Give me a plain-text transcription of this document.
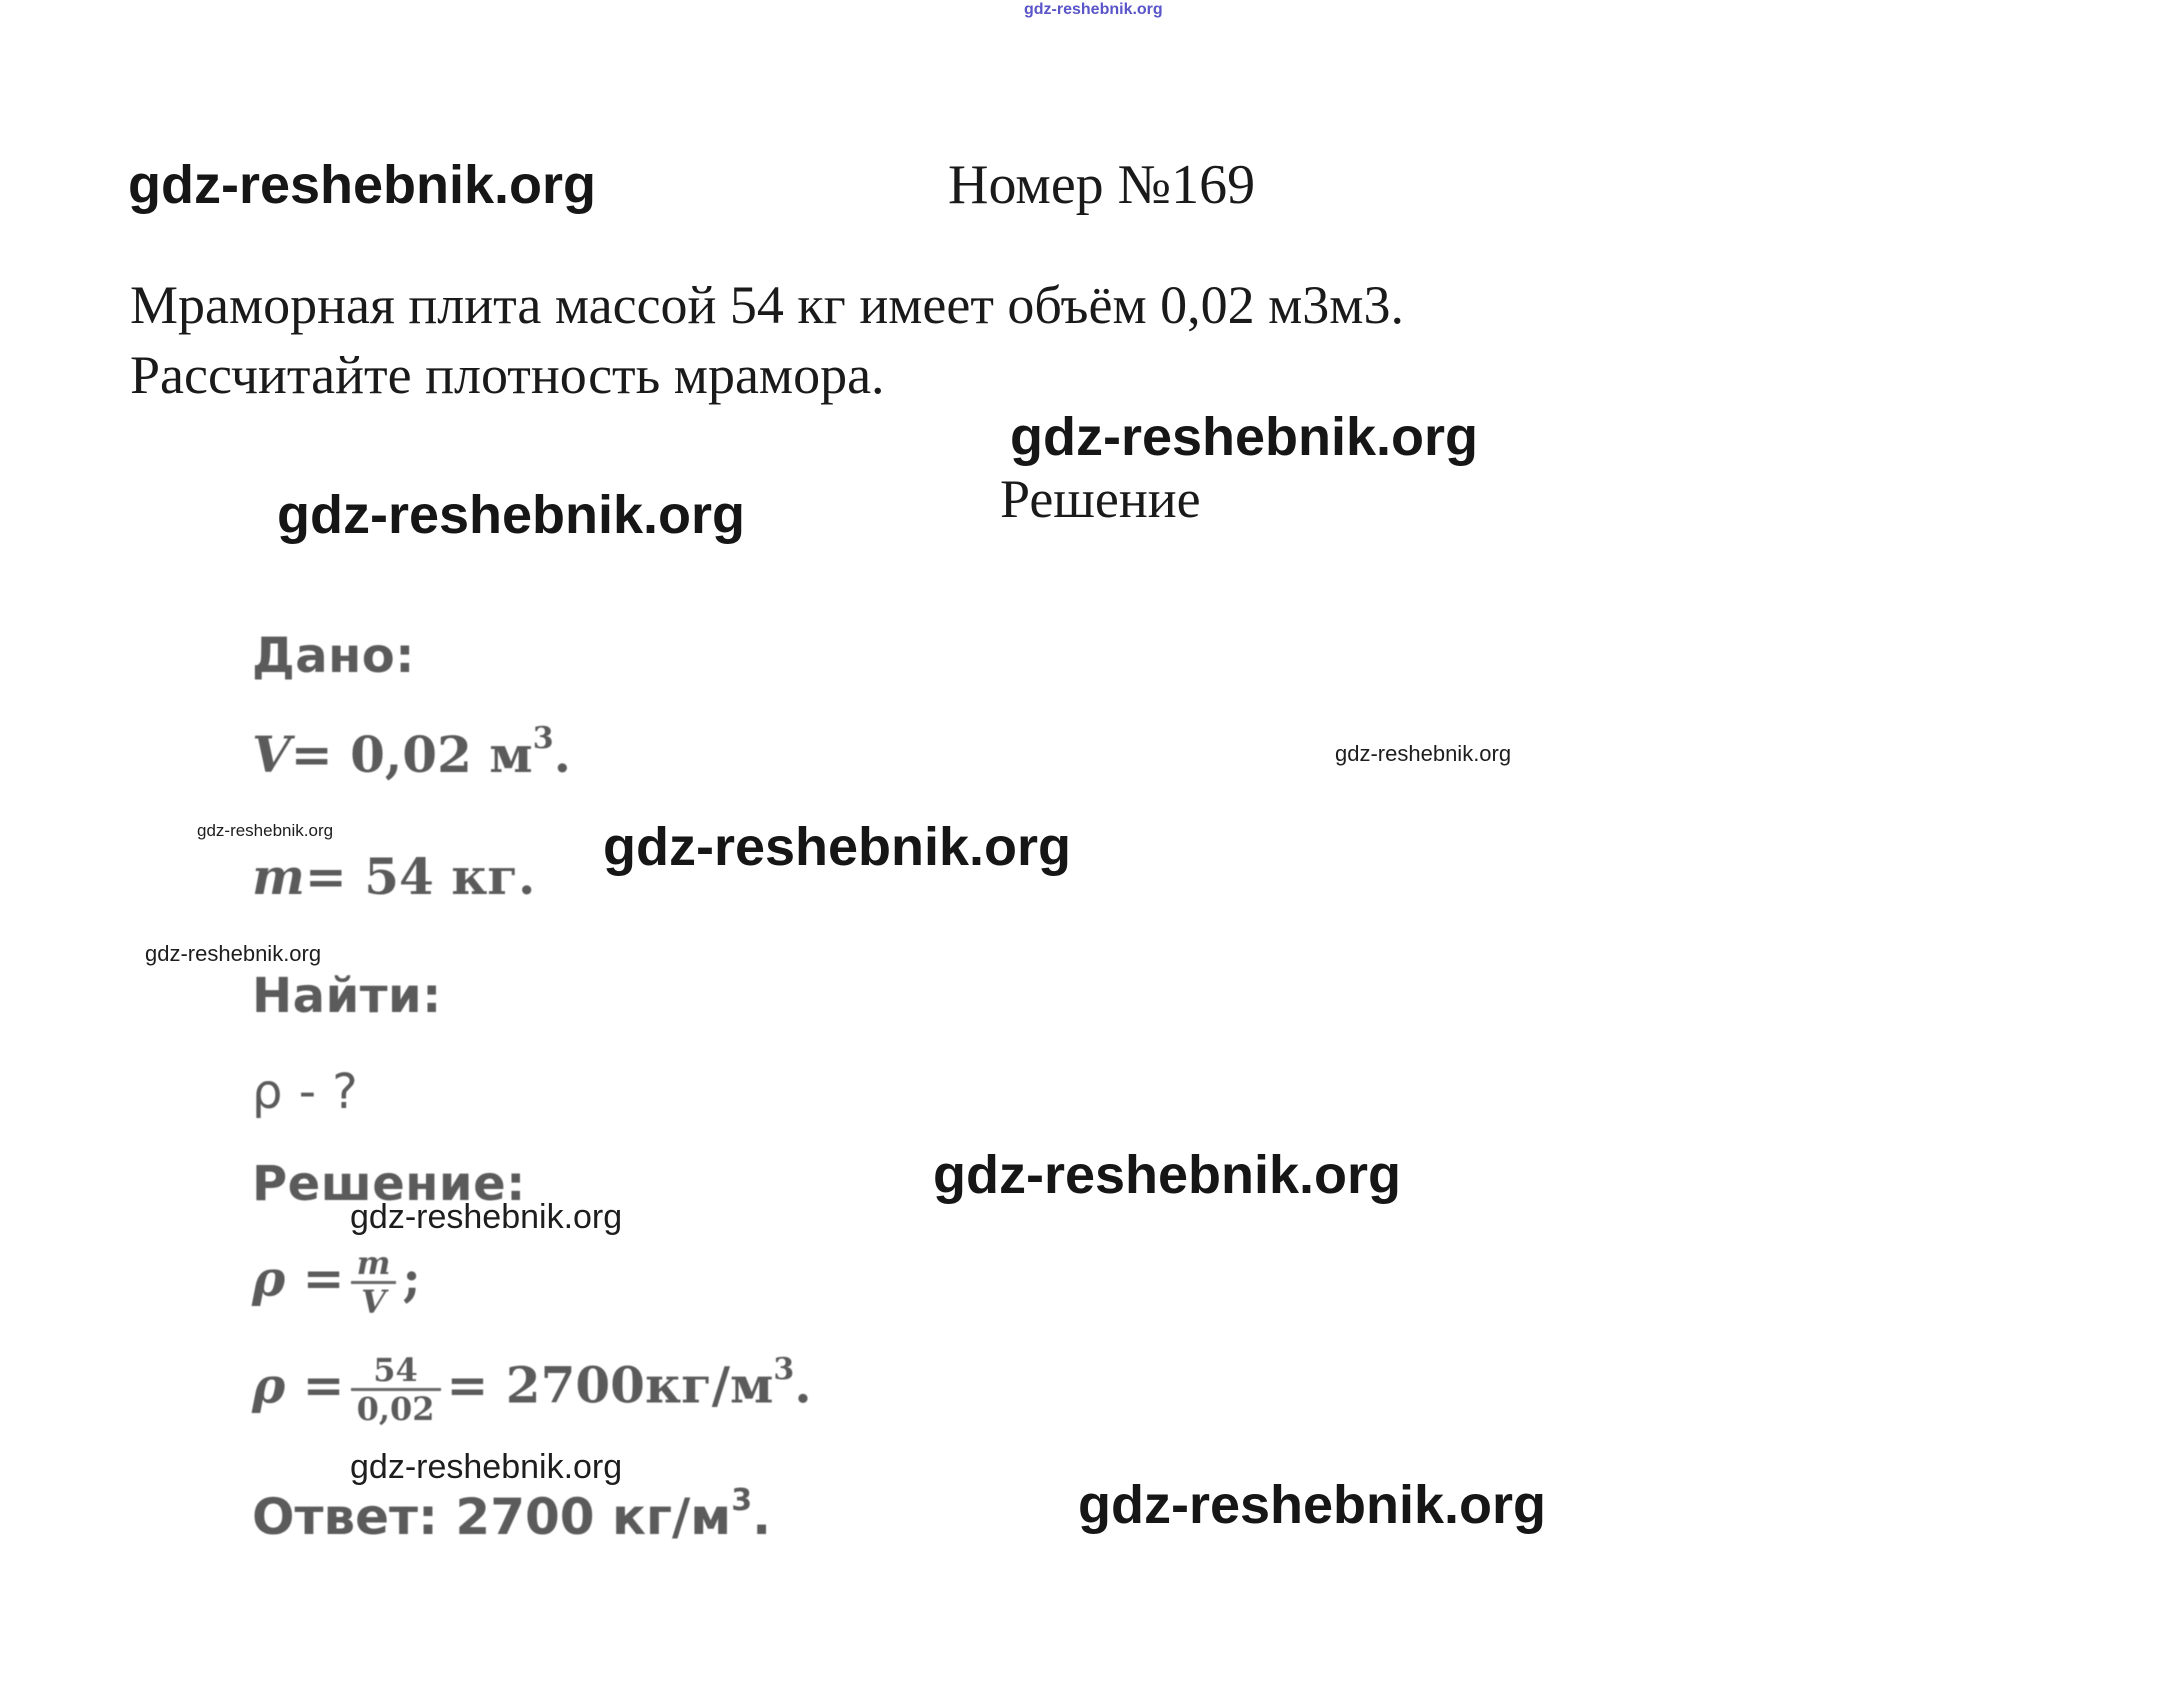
gdz-reshebnik.org
gdz-reshebnik.org	Номер №169
Мраморная плита массой 54 кг имеет объём 0,02 м3м3.
Рассчитайте плотность мрамора.
gdz-reshebnik.org
Решение
gdz-reshebnik.org
Дано:
V= 0,02 $м^3$.
gdz-reshebnik.org
gdz-reshebnik.org
gdz-reshebnik.org
m= 54 кг.
gdz-reshebnik.org
Найти:
ρ - ?
Решение:	gdz-reshebnik.org
gdz-reshebnik.org
$\rho = \frac{m}{V}$ ;
$\rho = \frac{54}{0,02} = 2700кг/м^3$.
gdz-reshebnik.org
gdz-reshebnik.org
Ответ: 2700 $кг/м^3$.
